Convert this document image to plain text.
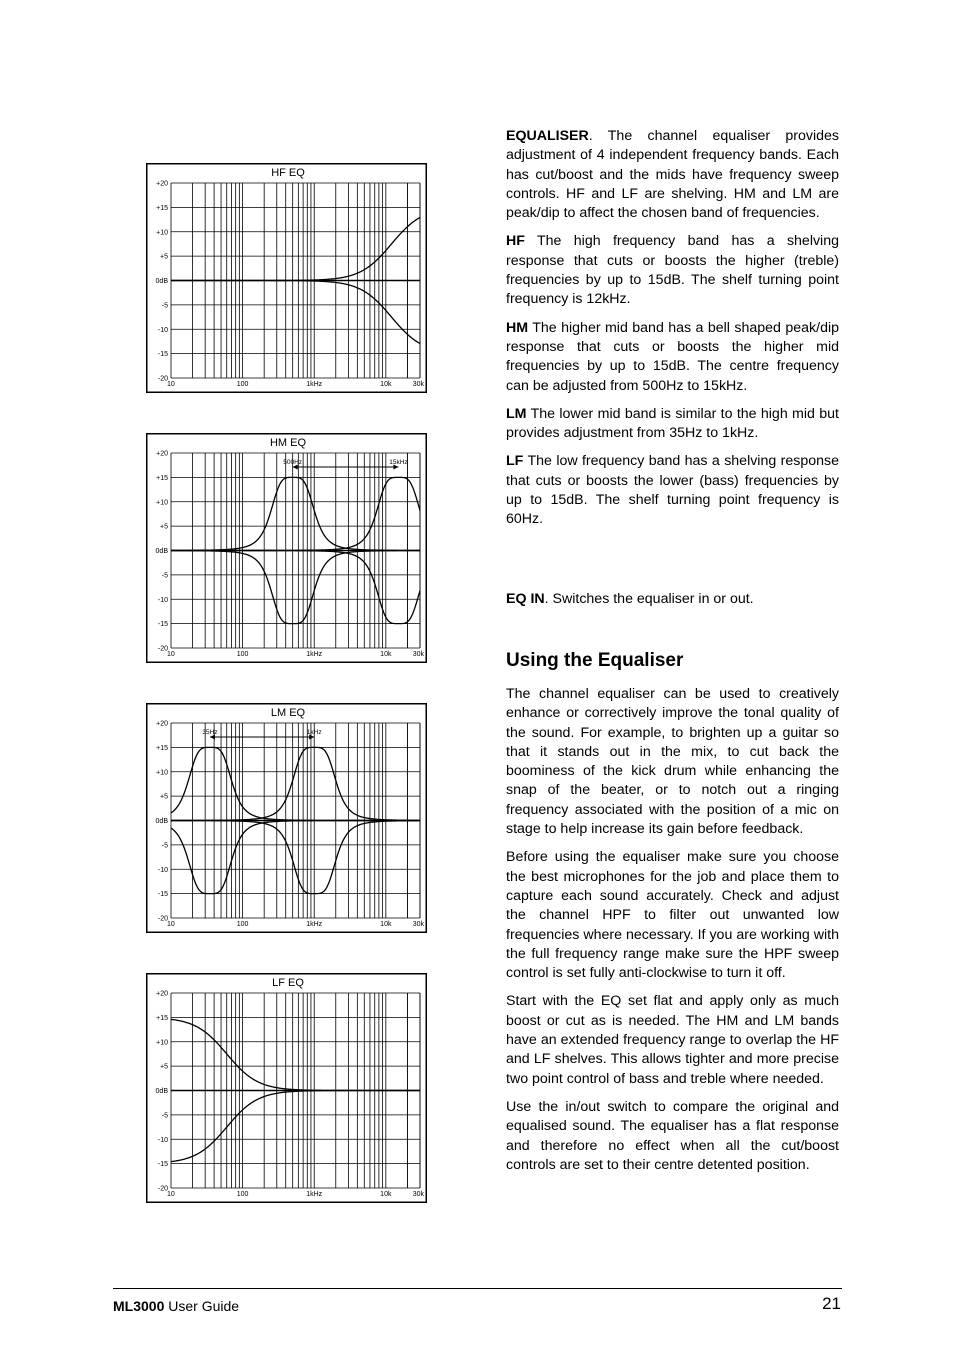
+20
+15
+10
+5
0dB
-5
-10
-15
-20
10	100	1kHz	10k	30k
HF EQ
+20
+15
+10
+5
0dB
-5
-10
-15
-20
10	100	1kHz	10k	30k
HM EQ
500Hz	15kHz
+20
+15
+10
+5
0dB
-5
-10
-15
-20
10	100	1kHz	10k	30k
LM EQ
35Hz	1kHz
+20
+15
+10
+5
0dB
-5
-10
-15
-20
10	100	1kHz	10k	30k
LF EQ

EQUALISER. The channel equaliser provides adjustment of 4 independent frequency bands. Each has cut/boost and the mids have frequency sweep controls. HF and LF are shelving. HM and LM are peak/dip to affect the chosen band of frequencies.

HF The high frequency band has a shelving response that cuts or boosts the higher (treble) frequencies by up to 15dB. The shelf turning point frequency is 12kHz.

HM The higher mid band has a bell shaped peak/dip response that cuts or boosts the higher mid frequencies by up to 15dB. The centre frequency can be adjusted from 500Hz to 15kHz.

LM The lower mid band is similar to the high mid but provides adjustment from 35Hz to 1kHz.

LF The low frequency band has a shelving response that cuts or boosts the lower (bass) frequencies by up to 15dB. The shelf turning point frequency is 60Hz.

EQ IN. Switches the equaliser in or out.

Using the Equaliser

The channel equaliser can be used to creatively enhance or correctively improve the tonal quality of the sound. For example, to brighten up a guitar so that it stands out in the mix, to cut back the boominess of the kick drum while enhancing the snap of the beater, or to notch out a ringing frequency associated with the position of a mic on stage to help increase its gain before feedback.

Before using the equaliser make sure you choose the best microphones for the job and place them to capture each sound accurately. Check and adjust the channel HPF to filter out unwanted low frequencies where necessary. If you are working with the full frequency range make sure the HPF sweep control is set fully anti-clockwise to turn it off.

Start with the EQ set flat and apply only as much boost or cut as is needed. The HM and LM bands have an extended frequency range to overlap the HF and LF shelves. This allows tighter and more precise two point control of bass and treble where needed.

Use the in/out switch to compare the original and equalised sound. The equaliser has a flat response and therefore no effect when all the cut/boost controls are set to their centre detented position.

ML3000 User Guide	21
